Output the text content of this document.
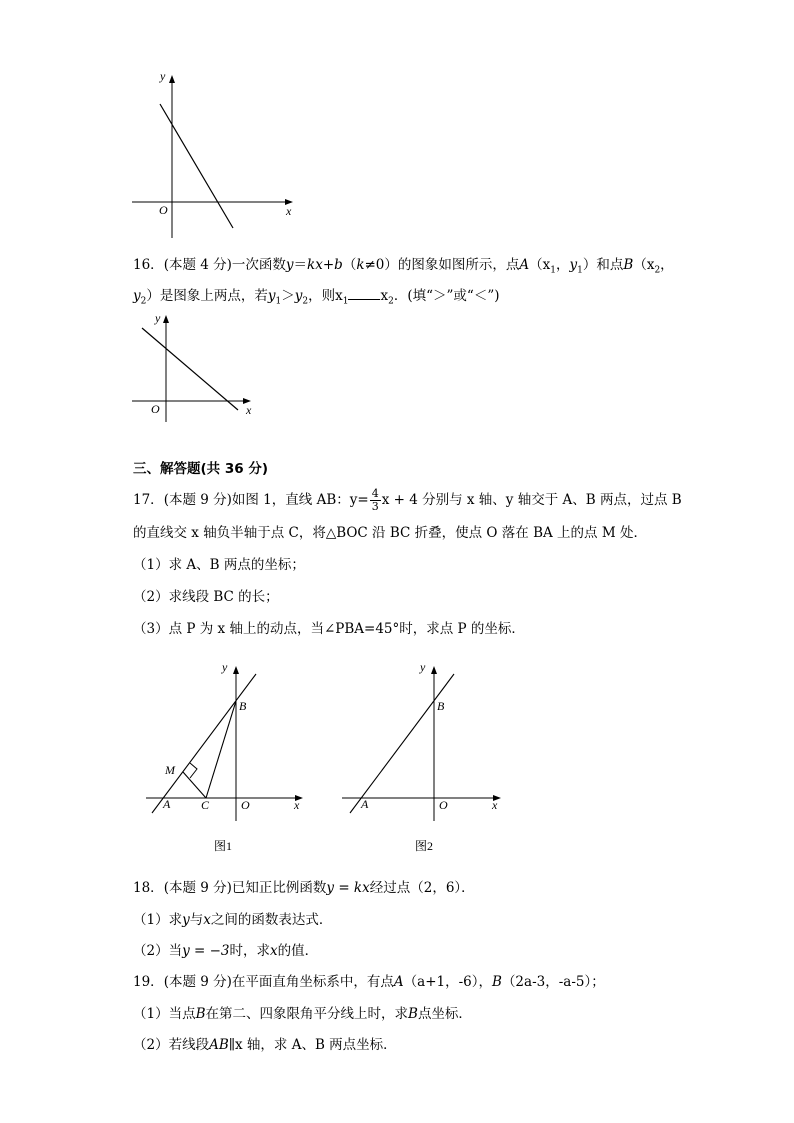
y
x
O
16．(本题 4 分)一次函数y＝kx+b（k≠0）的图象如图所示，点$A(x_1$，$y_1$）和点$B(x_2$，
$y_2$）是图象上两点，若$y_1>y_2$，则$x_1$ $x_2$．(填“＞”或“＜”)
y
x
O
三、解答题(共 36 分)
17．(本题 9 分)如图 1，直线 AB：$y= \frac{4}{3}$ x + 4 分别与 x 轴、y 轴交于 A、B 两点，过点 B
的直线交 x 轴负半轴于点 C，将△BOC 沿 BC 折叠，使点 O 落在 BA 上的点 M 处．
（1）求 A、B 两点的坐标；
（2）求线段 BC 的长；
（3）点 P 为 x 轴上的动点，当∠PBA=45°时，求点 P 的坐标．
y
x
B
M
A	C	O
图1
y
x
B
A	O
图2
18．(本题 9 分)已知正比例函数y = kx经过点（2，6）．
（1）求y与x之间的函数表达式．
（2）当y = −3时，求x的值．
19．(本题 9 分)在平面直角坐标系中，有点A（a+1，-6），B（2a-3，-a-5）；
（1）当点B在第二、四象限角平分线上时，求B点坐标．
（2）若线段AB∥x 轴，求 A、B 两点坐标．
